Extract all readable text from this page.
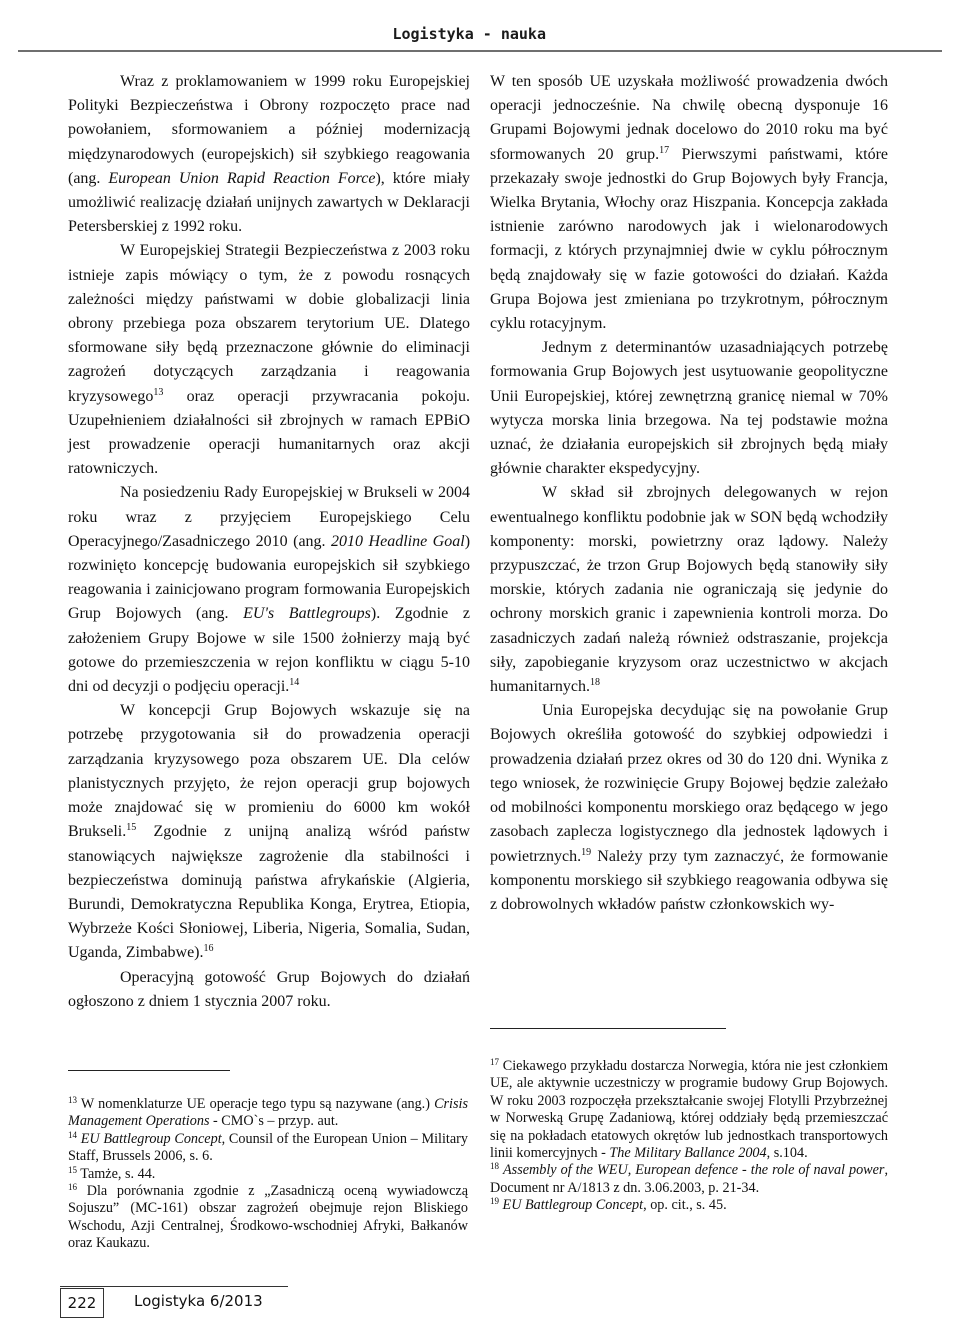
Logistyka - nauka

Wraz z proklamowaniem w 1999 roku Europejskiej Polityki Bezpieczeństwa i Obrony rozpoczęto prace nad powołaniem, sformowaniem a później modernizacją międzynarodowych (europejskich) sił szybkiego reagowania (ang. European Union Rapid Reaction Force), które miały umożliwić realizację działań unijnych zawartych w Deklaracji Petersberskiej z 1992 roku.

W Europejskiej Strategii Bezpieczeństwa z 2003 roku istnieje zapis mówiący o tym, że z powodu rosnących zależności między państwami w dobie globalizacji linia obrony przebiega poza obszarem terytorium UE. Dlatego sformowane siły będą przeznaczone głównie do eliminacji zagrożeń dotyczących zarządzania i reagowania kryzysowego$^{13}$ oraz operacji przywracania pokoju. Uzupełnieniem działalności sił zbrojnych w ramach EPBiO jest prowadzenie operacji humanitarnych oraz akcji ratowniczych.

Na posiedzeniu Rady Europejskiej w Brukseli w 2004 roku wraz z przyjęciem Europejskiego Celu Operacyjnego/Zasadniczego 2010 (ang. 2010 Headline Goal) rozwinięto koncepcję budowania europejskich sił szybkiego reagowania i zainicjowano program formowania Europejskich Grup Bojowych (ang. EU's Battlegroups). Zgodnie z założeniem Grupy Bojowe w sile 1500 żołnierzy mają być gotowe do przemieszczenia w rejon konfliktu w ciągu 5-10 dni od decyzji o podjęciu operacji.$^{14}$

W koncepcji Grup Bojowych wskazuje się na potrzebę przygotowania sił do prowadzenia operacji zarządzania kryzysowego poza obszarem UE. Dla celów planistycznych przyjęto, że rejon operacji grup bojowych może znajdować się w promieniu do 6000 km wokół Brukseli.$^{15}$ Zgodnie z unijną analizą wśród państw stanowiących największe zagrożenie dla stabilności i bezpieczeństwa dominują państwa afrykańskie (Algieria, Burundi, Demokratyczna Republika Konga, Erytrea, Etiopia, Wybrzeże Kości Słoniowej, Liberia, Nigeria, Somalia, Sudan, Uganda, Zimbabwe).$^{16}$

Operacyjną gotowość Grup Bojowych do działań ogłoszono z dniem 1 stycznia 2007 roku.

W ten sposób UE uzyskała możliwość prowadzenia dwóch operacji jednocześnie. Na chwilę obecną dysponuje 16 Grupami Bojowymi jednak docelowo do 2010 roku ma być sformowanych 20 grup.$^{17}$ Pierwszymi państwami, które przekazały swoje jednostki do Grup Bojowych były Francja, Wielka Brytania, Włochy oraz Hiszpania. Koncepcja zakłada istnienie zarówno narodowych jak i wielonarodowych formacji, z których przynajmniej dwie w cyklu półrocznym będą znajdowały się w fazie gotowości do działań. Każda Grupa Bojowa jest zmieniana po trzykrotnym, półrocznym cyklu rotacyjnym.

Jednym z determinantów uzasadniających potrzebę formowania Grup Bojowych jest usytuowanie geopolityczne Unii Europejskiej, której zewnętrzną granicę niemal w 70% wytycza morska linia brzegowa. Na tej podstawie można uznać, że działania europejskich sił zbrojnych będą miały głównie charakter ekspedycyjny.

W skład sił zbrojnych delegowanych w rejon ewentualnego konfliktu podobnie jak w SON będą wchodziły komponenty: morski, powietrzny oraz lądowy. Należy przypuszczać, że trzon Grup Bojowych będą stanowiły siły morskie, których zadania nie ograniczają się jedynie do ochrony morskich granic i zapewnienia kontroli morza. Do zasadniczych zadań należą również odstraszanie, projekcja siły, zapobieganie kryzysom oraz uczestnictwo w akcjach humanitarnych.$^{18}$

Unia Europejska decydując się na powołanie Grup Bojowych określiła gotowość do szybkiej odpowiedzi i prowadzenia działań przez okres od 30 do 120 dni. Wynika z tego wniosek, że rozwinięcie Grupy Bojowej będzie zależało od mobilności komponentu morskiego oraz będącego w jego zasobach zaplecza logistycznego dla jednostek lądowych i powietrznych.$^{19}$ Należy przy tym zaznaczyć, że formowanie komponentu morskiego sił szybkiego reagowania odbywa się z dobrowolnych wkładów państw członkowskich wy-

$^{13}$ W nomenklaturze UE operacje tego typu są nazywane (ang.) Crisis Management Operations - CMO`s – przyp. aut.

$^{14}$ EU Battlegroup Concept, Counsil of the European Union – Military Staff, Brussels 2006, s. 6.

$^{15}$ Tamże, s. 44.

$^{16}$ Dla porównania zgodnie z „Zasadniczą oceną wywiadowczą Sojuszu” (MC-161) obszar zagrożeń obejmuje rejon Bliskiego Wschodu, Azji Centralnej, Środkowo-wschodniej Afryki, Bałkanów oraz Kaukazu.

$^{17}$ Ciekawego przykładu dostarcza Norwegia, która nie jest członkiem UE, ale aktywnie uczestniczy w programie budowy Grup Bojowych. W roku 2003 rozpoczęła przekształcanie swojej Flotylli Przybrzeżnej w Norweską Grupę Zadaniową, której oddziały będą przemieszczać się na pokładach etatowych okrętów lub jednostkach transportowych linii komercyjnych - The Military Ballance 2004, s.104.

$^{18}$ Assembly of the WEU, European defence - the role of naval power, Document nr A/1813 z dn. 3.06.2003, p. 21-34.

$^{19}$ EU Battlegroup Concept, op. cit., s. 45.

222	Logistyka 6/2013
